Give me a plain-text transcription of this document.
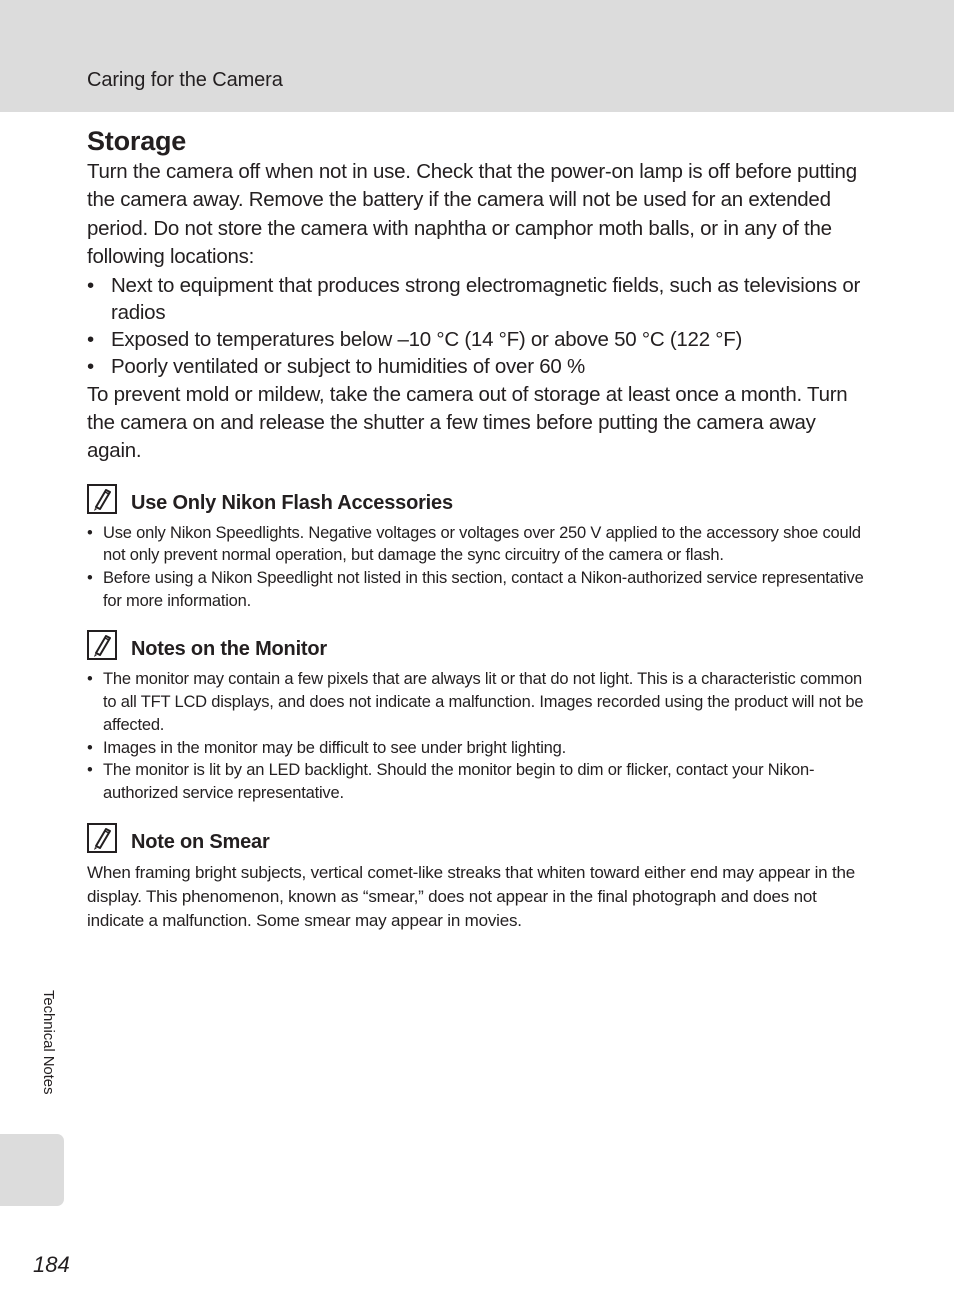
Caring for the Camera
Storage

Turn the camera off when not in use. Check that the power-on lamp is off before putting the camera away. Remove the battery if the camera will not be used for an extended period. Do not store the camera with naphtha or camphor moth balls, or in any of the following locations:

• Next to equipment that produces strong electromagnetic fields, such as televisions or radios
• Exposed to temperatures below –10 °C (14 °F) or above 50 °C (122 °F)
• Poorly ventilated or subject to humidities of over 60 %

To prevent mold or mildew, take the camera out of storage at least once a month. Turn the camera on and release the shutter a few times before putting the camera away again.

Use Only Nikon Flash Accessories
• Use only Nikon Speedlights. Negative voltages or voltages over 250 V applied to the accessory shoe could not only prevent normal operation, but damage the sync circuitry of the camera or flash.
• Before using a Nikon Speedlight not listed in this section, contact a Nikon-authorized service representative for more information.
Notes on the Monitor
• The monitor may contain a few pixels that are always lit or that do not light. This is a characteristic common to all TFT LCD displays, and does not indicate a malfunction. Images recorded using the product will not be affected.
• Images in the monitor may be difficult to see under bright lighting.
• The monitor is lit by an LED backlight. Should the monitor begin to dim or flicker, contact your Nikon-authorized service representative.
Note on Smear

When framing bright subjects, vertical comet-like streaks that whiten toward either end may appear in the display. This phenomenon, known as “smear,” does not appear in the final photograph and does not indicate a malfunction. Some smear may appear in movies.

Technical Notes
184
